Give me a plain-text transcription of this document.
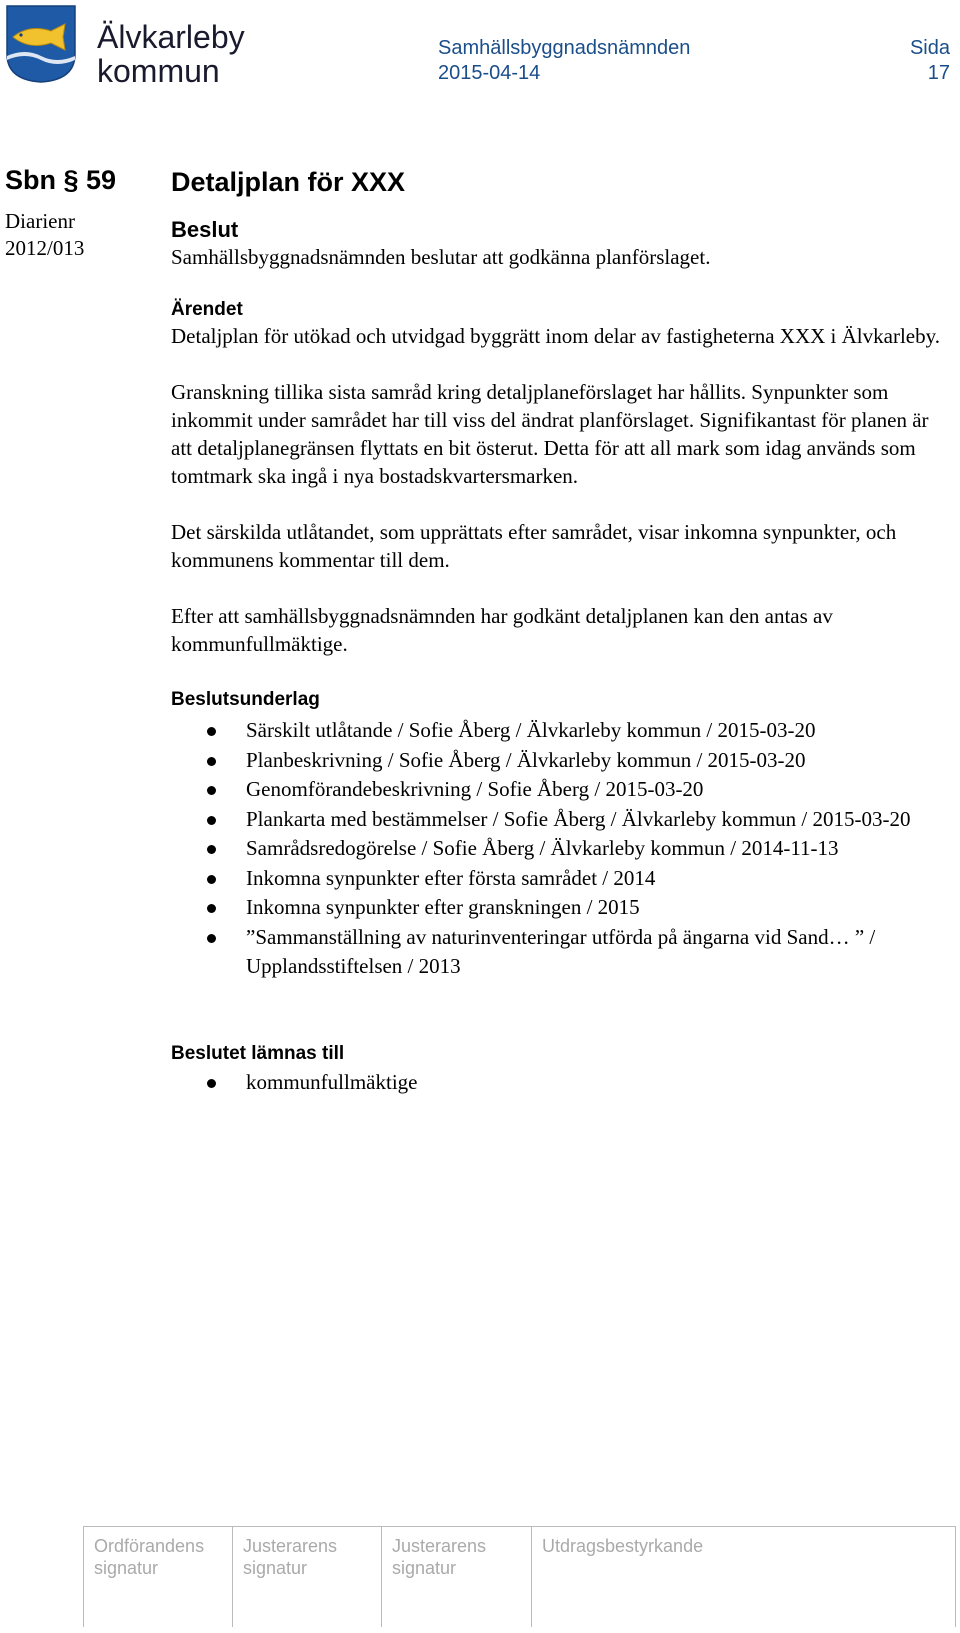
Älvkarleby
kommun
Samhällsbyggnadsnämnden
2015-04-14
Sida
17
Sbn § 59
Diarienr
2012/013
Detaljplan för XXX
Beslut

Samhällsbyggnadsnämnden beslutar att godkänna planförslaget.

Ärendet

Detaljplan för utökad och utvidgad byggrätt inom delar av fastigheterna XXX i Älvkarleby.

Granskning tillika sista samråd kring detaljplaneförslaget har hållits. Synpunkter som inkommit under samrådet har till viss del ändrat planförslaget. Signifikantast för planen är att detaljplanegränsen flyttats en bit österut. Detta för att all mark som idag används som tomtmark ska ingå i nya bostadskvartersmarken.

Det särskilda utlåtandet, som upprättats efter samrådet, visar inkomna synpunkter, och kommunens kommentar till dem.

Efter att samhällsbyggnadsnämnden har godkänt detaljplanen kan den antas av kommunfullmäktige.

Beslutsunderlag
Särskilt utlåtande / Sofie Åberg / Älvkarleby kommun / 2015-03-20
Planbeskrivning / Sofie Åberg / Älvkarleby kommun / 2015-03-20
Genomförandebeskrivning / Sofie Åberg / 2015-03-20
Plankarta med bestämmelser / Sofie Åberg / Älvkarleby kommun / 2015-03-20
Samrådsredogörelse / Sofie Åberg / Älvkarleby kommun / 2014-11-13
Inkomna synpunkter efter första samrådet / 2014
Inkomna synpunkter efter granskningen / 2015
”Sammanställning av naturinventeringar utförda på ängarna vid Sand… ” / Upplandsstiftelsen / 2013
Beslutet lämnas till
kommunfullmäktige
Ordförandens
signatur
Justerarens
signatur
Justerarens
signatur
Utdragsbestyrkande
